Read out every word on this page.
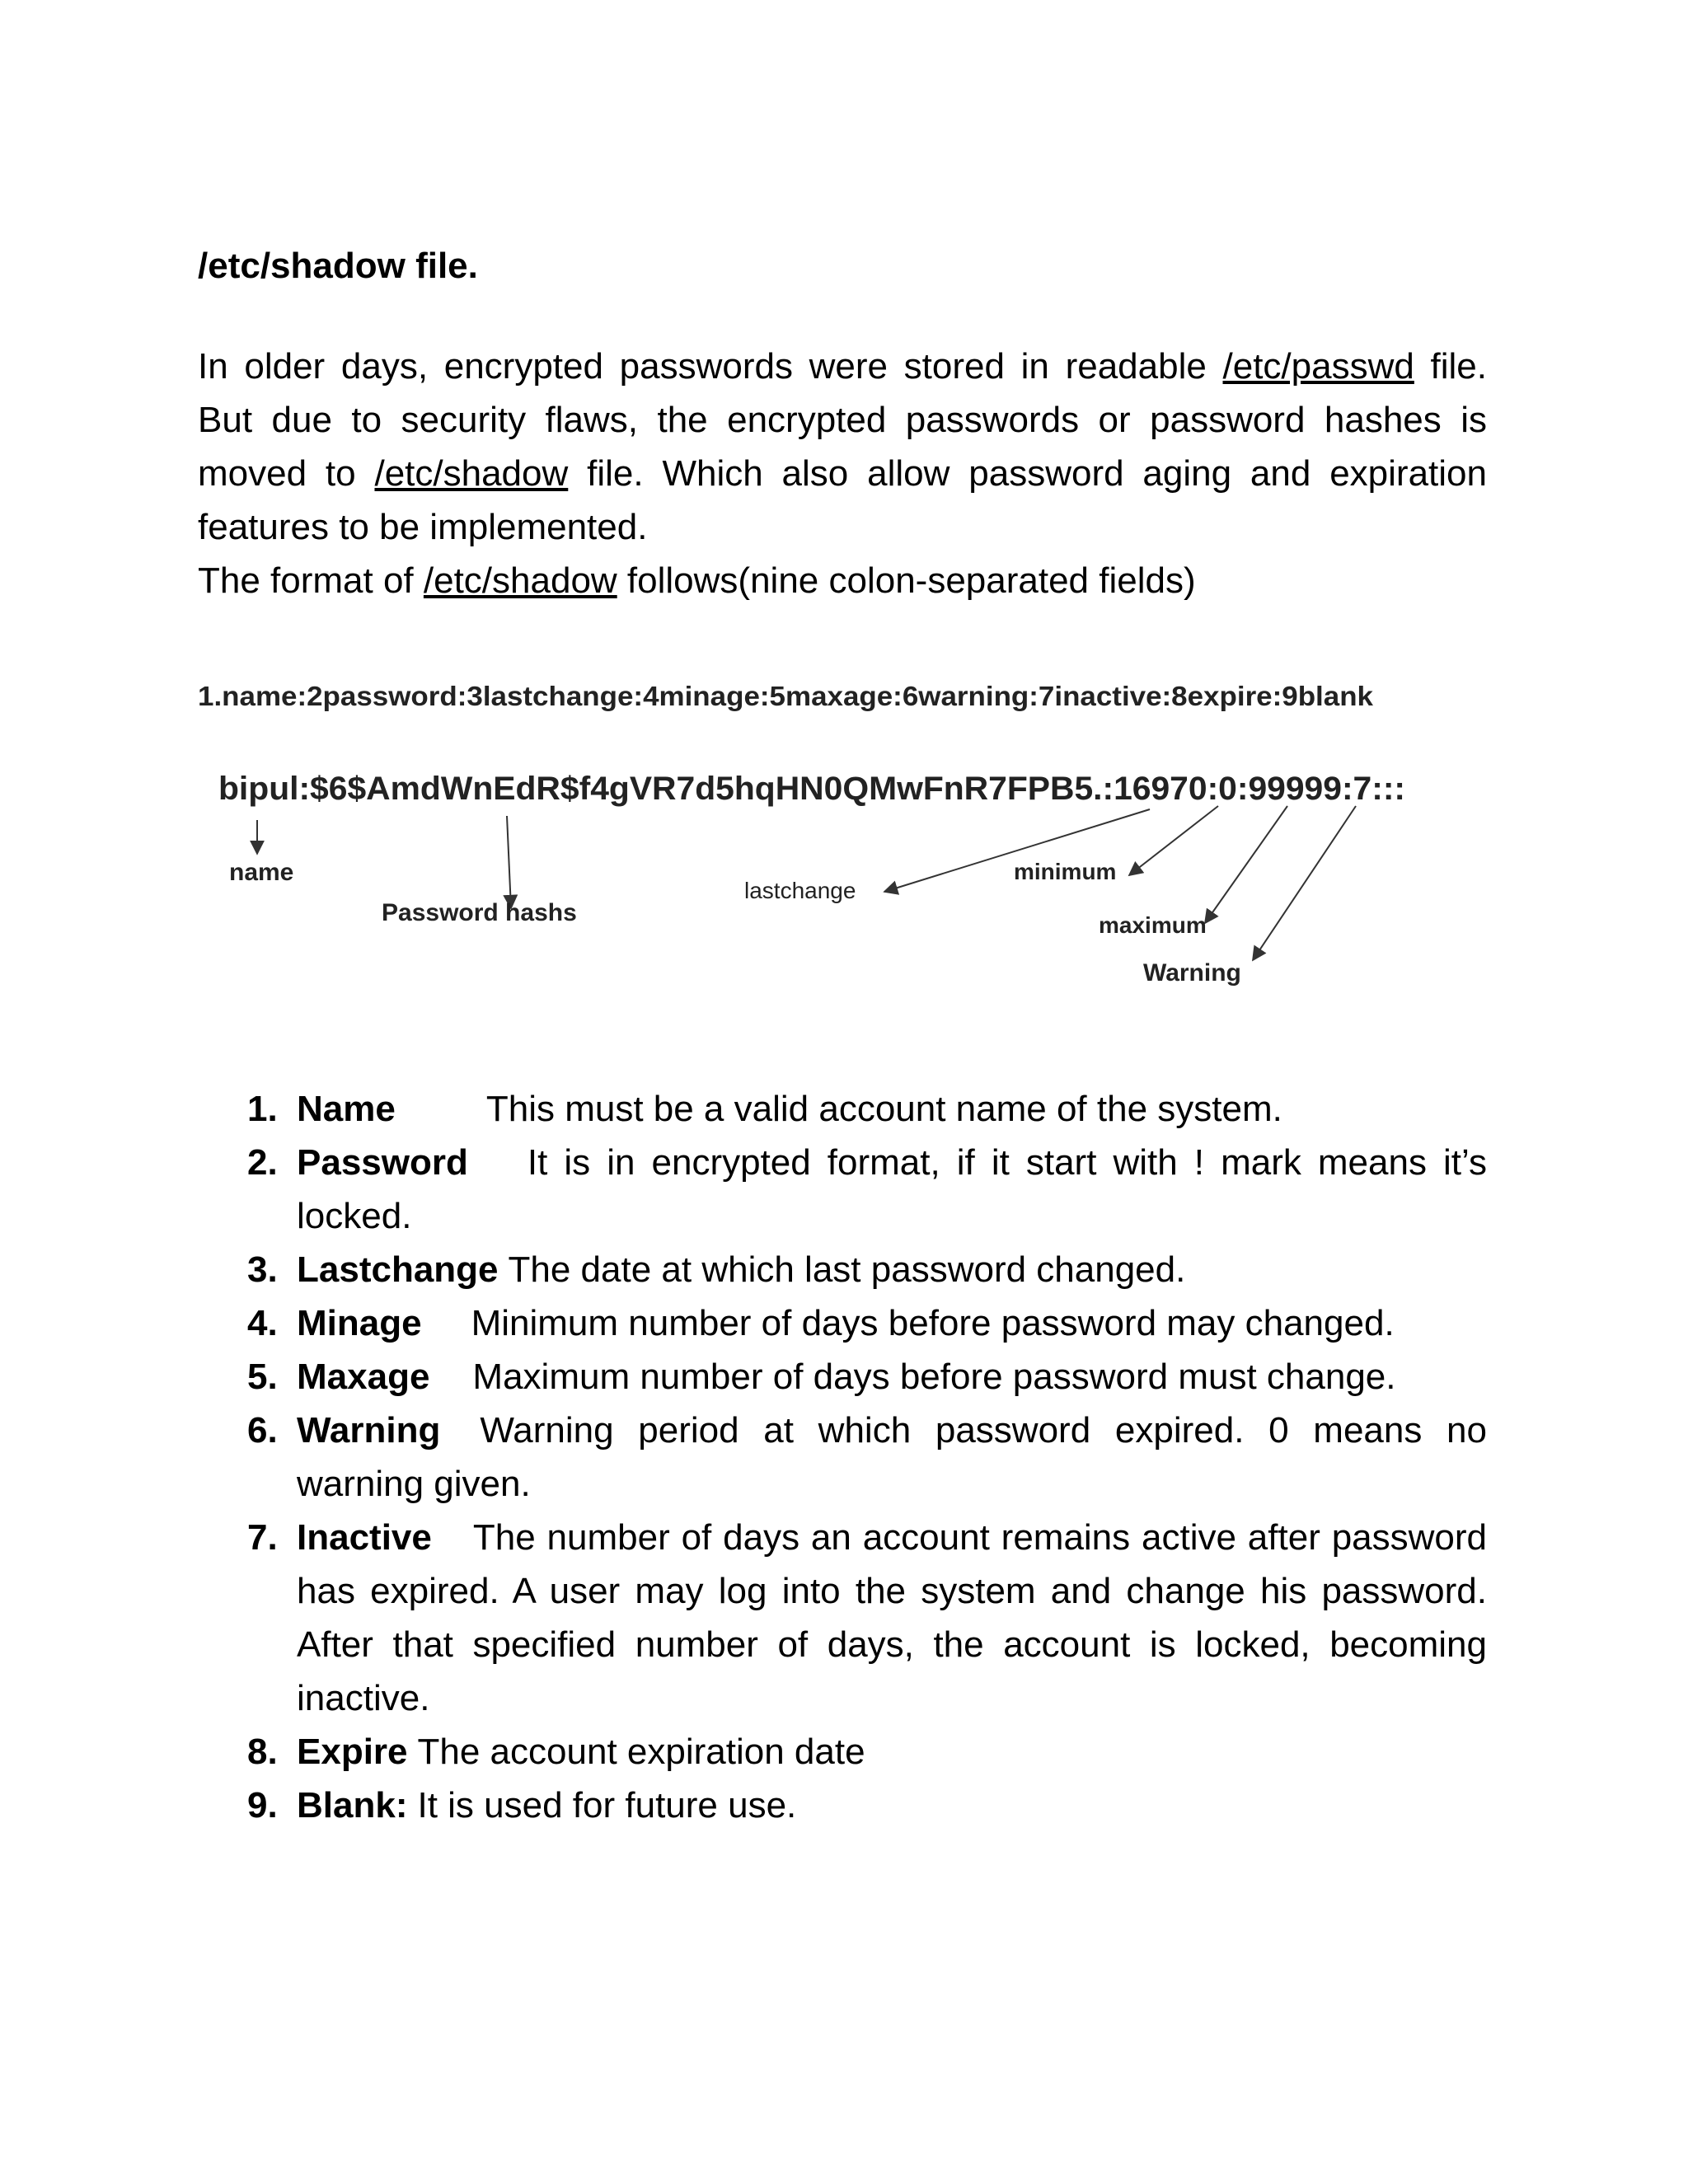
/etc/shadow file.

In older days, encrypted passwords were stored in readable /etc/passwd file. But due to security flaws, the encrypted passwords or password hashes is moved to /etc/shadow file. Which also allow password aging and expiration features to be implemented.
The format of /etc/shadow follows(nine colon-separated fields)

1.name:2password:3lastchange:4minage:5maxage:6warning:7inactive:8expire:9blank
bipul:$6$AmdWnEdR$f4gVR7d5hqHN0QMwFnR7FPB5.:16970:0:99999:7:::
name
Password hashs
lastchange
minimum
maximum
Warning
1. Name	This must be a valid account name of the system.
2. Password It is in encrypted format, if it start with ! mark means it’s locked.
3. Lastchange The date at which last password changed.
4. Minage Minimum number of days before password may changed.
5. Maxage Maximum number of days before password must change.
6. Warning Warning period at which password expired. 0 means no warning given.
7. Inactive The number of days an account remains active after password has expired. A user may log into the system and change his password. After that specified number of days, the account is locked, becoming inactive.
8. Expire The account expiration date
9. Blank: It is used for future use.
